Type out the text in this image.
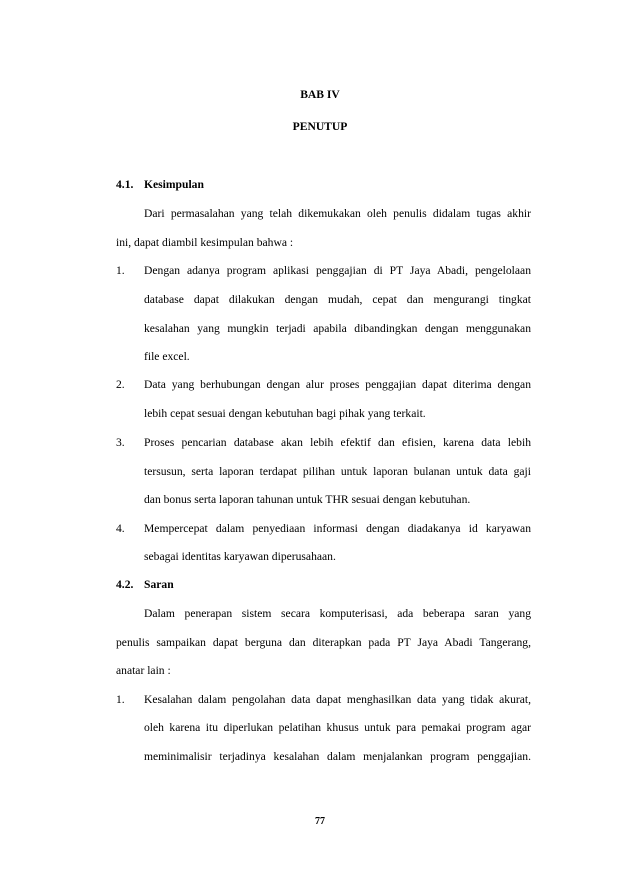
BAB IV
PENUTUP
4.1. Kesimpulan
Dari permasalahan yang telah dikemukakan oleh penulis didalam tugas akhir
ini, dapat diambil kesimpulan bahwa :
1. Dengan adanya program aplikasi penggajian di PT Jaya Abadi, pengelolaan
database dapat dilakukan dengan mudah, cepat dan mengurangi tingkat
kesalahan yang mungkin terjadi apabila dibandingkan dengan menggunakan
file excel.
2. Data yang berhubungan dengan alur proses penggajian dapat diterima dengan
lebih cepat sesuai dengan kebutuhan bagi pihak yang terkait.
3. Proses pencarian database akan lebih efektif dan efisien, karena data lebih
tersusun, serta laporan terdapat pilihan untuk laporan bulanan untuk data gaji
dan bonus serta laporan tahunan untuk THR sesuai dengan kebutuhan.
4. Mempercepat dalam penyediaan informasi dengan diadakanya id karyawan
sebagai identitas karyawan diperusahaan.
4.2. Saran
Dalam penerapan sistem secara komputerisasi, ada beberapa saran yang
penulis sampaikan dapat berguna dan diterapkan pada PT Jaya Abadi Tangerang,
anatar lain :
1. Kesalahan dalam pengolahan data dapat menghasilkan data yang tidak akurat,
oleh karena itu diperlukan pelatihan khusus untuk para pemakai program agar
meminimalisir terjadinya kesalahan dalam menjalankan program penggajian.
77
